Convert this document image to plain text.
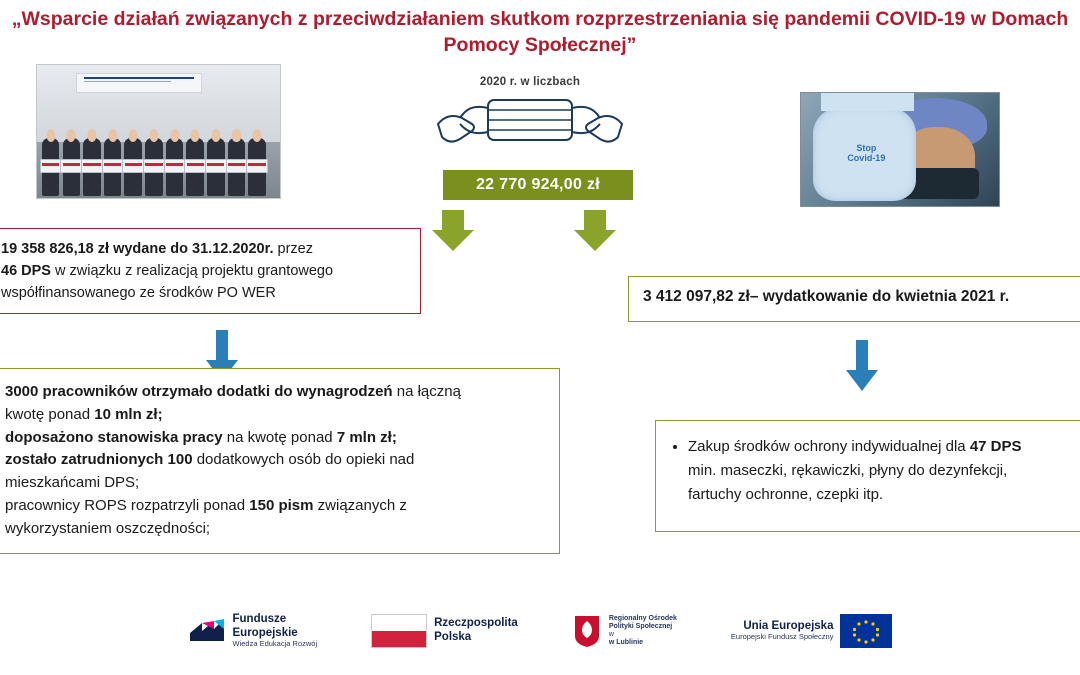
„Wsparcie działań związanych z przeciwdziałaniem skutkom rozprzestrzeniania się pandemii COVID-19 w Domach Pomocy Społecznej”
2020 r. w liczbach
22 770 924,00 zł
Stop
Covid-19
19 358 826,18 zł wydane do 31.12.2020r. przez
46 DPS w związku z realizacją projektu grantowego
współfinansowanego ze środków PO WER
3000 pracowników otrzymało dodatki do wynagrodzeń na łączną
kwotę ponad 10 mln zł;
doposażono stanowiska pracy na kwotę ponad 7 mln zł;
zostało zatrudnionych 100 dodatkowych osób do opieki nad
mieszkańcami DPS;
pracownicy ROPS rozpatrzyli ponad 150 pism związanych z
wykorzystaniem oszczędności;
3 412 097,82 zł– wydatkowanie do kwietnia 2021 r.
• Zakup środków ochrony indywidualnej dla 47 DPS
min. maseczki, rękawiczki, płyny do dezynfekcji,
fartuchy ochronne, czepki itp.
Fundusze
Europejskie
Wiedza Edukacja Rozwój
Rzeczpospolita
Polska
Regionalny Ośrodek
Polityki Społecznej
w
w Lublinie
Unia Europejska
Europejski Fundusz Społeczny
